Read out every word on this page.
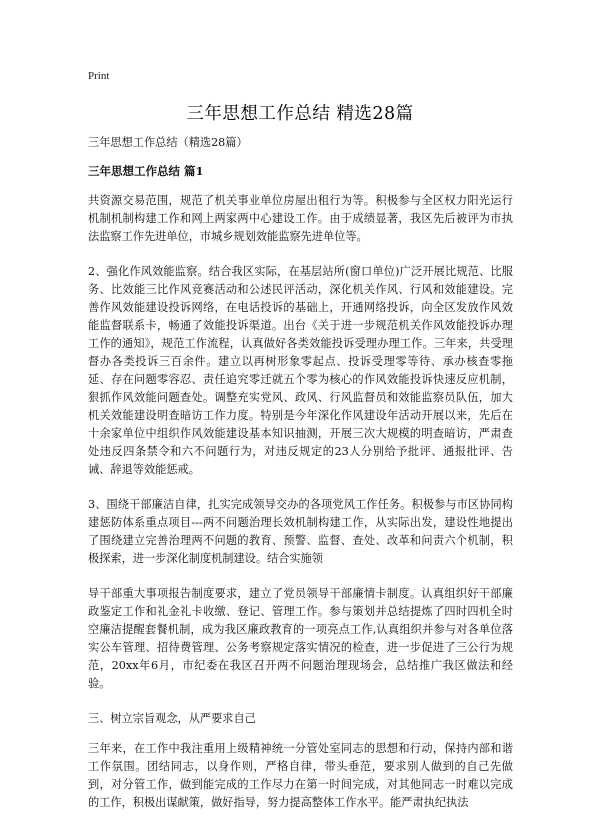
Print
三年思想工作总结 精选28篇

三年思想工作总结（精选28篇）

三年思想工作总结 篇1

共资源交易范围，规范了机关事业单位房屋出租行为等。积极参与全区权力阳光运行机制机制构建工作和网上两家两中心建设工作。由于成绩显著，我区先后被评为市执法监察工作先进单位，市城乡规划效能监察先进单位等。

2、强化作风效能监察。结合我区实际，在基层站所(窗口单位)广泛开展比规范、比服务、比效能三比作风竞赛活动和公述民评活动，深化机关作风、行风和效能建设。完善作风效能建设投诉网络，在电话投诉的基础上，开通网络投诉，向全区发放作风效能监督联系卡，畅通了效能投诉渠道。出台《关于进一步规范机关作风效能投诉办理工作的通知》，规范工作流程，认真做好各类效能投诉受理办理工作。三年来，共受理督办各类投诉三百余件。建立以再树形象零起点、投诉受理零等待、承办核查零拖延、存在问题零容忍、责任追究零迁就五个零为核心的作风效能投诉快速反应机制，狠抓作风效能问题查处。调整充实党风、政风、行风监督员和效能监察员队伍，加大机关效能建设明查暗访工作力度。特别是今年深化作风建设年活动开展以来，先后在十余家单位中组织作风效能建设基本知识抽测，开展三次大规模的明查暗访，严肃查处违反四条禁令和六不问题行为，对违反规定的23人分别给予批评、通报批评、告诫、辞退等效能惩戒。

3、围绕干部廉洁自律，扎实完成领导交办的各项党风工作任务。积极参与市区协同构建惩防体系重点项目---两不问题治理长效机制构建工作，从实际出发，建设性地提出了围绕建立完善治理两不问题的教育、预警、监督、查处、改革和问责六个机制，积极探索，进一步深化制度机制建设。结合实施领

导干部重大事项报告制度要求，建立了党员领导干部廉情卡制度。认真组织好干部廉政鉴定工作和礼金礼卡收缴、登记、管理工作。参与策划并总结提炼了四时四机全时空廉洁提醒套餐机制，成为我区廉政教育的一项亮点工作,认真组织并参与对各单位落实公车管理、招待费管理、公务考察规定落实情况的检查，进一步促进了三公行为规范，20xx年6月，市纪委在我区召开两不问题治理现场会，总结推广我区做法和经验。

三、树立宗旨观念，从严要求自己

三年来，在工作中我注重用上级精神统一分管处室同志的思想和行动，保持内部和谐工作氛围。团结同志，以身作则，严格自律，带头垂范，要求别人做到的自己先做到，对分管工作，做到能完成的工作尽力在第一时间完成，对其他同志一时难以完成的工作，积极出谋献策，做好指导，努力提高整体工作水平。能严肃执纪执法
